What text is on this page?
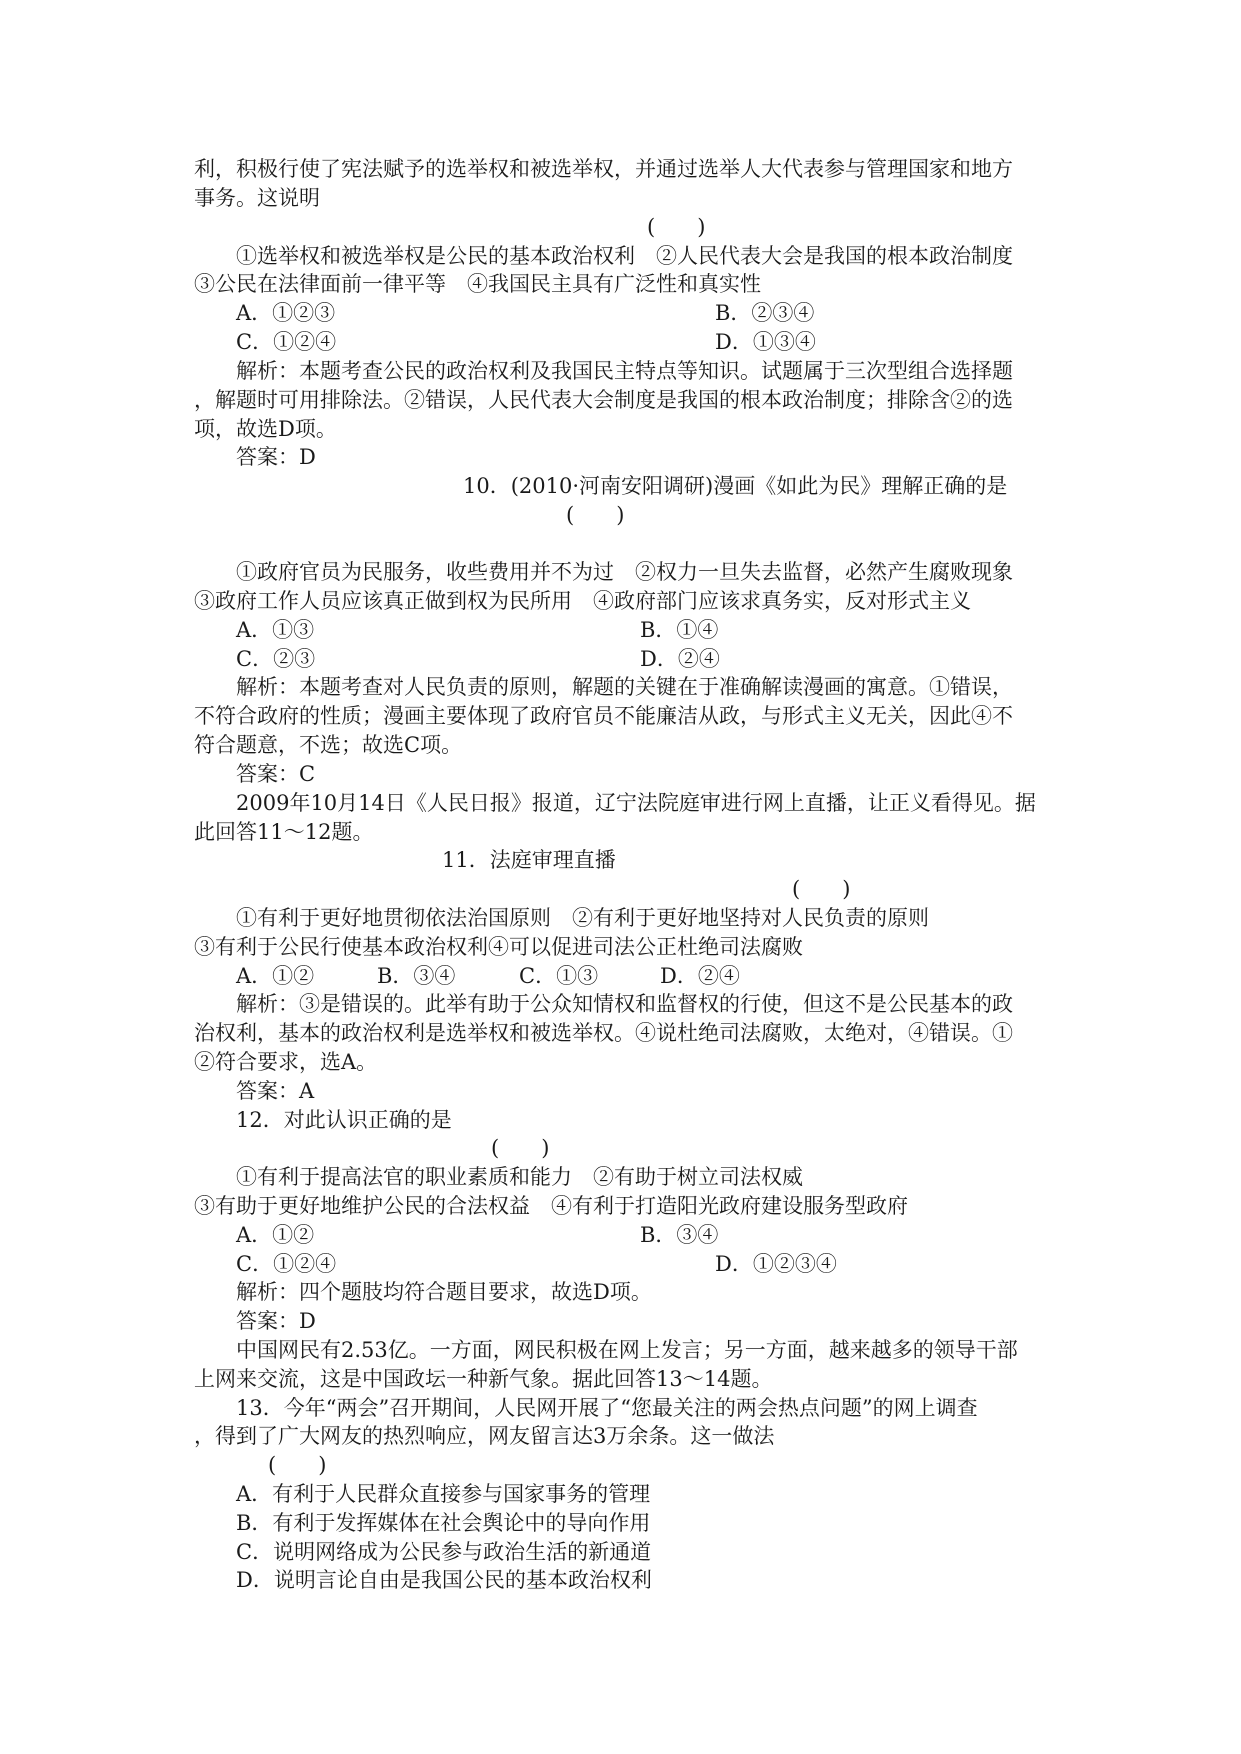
利，积极行使了宪法赋予的选举权和被选举权，并通过选举人大代表参与管理国家和地方
事务。这说明
(　　)
①选举权和被选举权是公民的基本政治权利　②人民代表大会是我国的根本政治制度
③公民在法律面前一律平等　④我国民主具有广泛性和真实性
A．①②③	B．②③④
C．①②④	D．①③④
解析：本题考查公民的政治权利及我国民主特点等知识。试题属于三次型组合选择题
，解题时可用排除法。②错误，人民代表大会制度是我国的根本政治制度；排除含②的选
项，故选D项。
答案：D
10．(2010·河南安阳调研)漫画《如此为民》理解正确的是
(　　)
①政府官员为民服务，收些费用并不为过　②权力一旦失去监督，必然产生腐败现象
③政府工作人员应该真正做到权为民所用　④政府部门应该求真务实，反对形式主义
A．①③	B．①④
C．②③	D．②④
解析：本题考查对人民负责的原则，解题的关键在于准确解读漫画的寓意。①错误，
不符合政府的性质；漫画主要体现了政府官员不能廉洁从政，与形式主义无关，因此④不
符合题意，不选；故选C项。
答案：C
2009年10月14日《人民日报》报道，辽宁法院庭审进行网上直播，让正义看得见。据
此回答11～12题。
11．法庭审理直播
(　　)
①有利于更好地贯彻依法治国原则　②有利于更好地坚持对人民负责的原则
③有利于公民行使基本政治权利④可以促进司法公正杜绝司法腐败
A．①②	B．③④	C．①③	D．②④
解析：③是错误的。此举有助于公众知情权和监督权的行使，但这不是公民基本的政
治权利，基本的政治权利是选举权和被选举权。④说杜绝司法腐败，太绝对，④错误。①
②符合要求，选A。
答案：A
12．对此认识正确的是
(　　)
①有利于提高法官的职业素质和能力　②有助于树立司法权威
③有助于更好地维护公民的合法权益　④有利于打造阳光政府建设服务型政府
A．①②	B．③④
C．①②④	D．①②③④
解析：四个题肢均符合题目要求，故选D项。
答案：D
中国网民有2.53亿。一方面，网民积极在网上发言；另一方面，越来越多的领导干部
上网来交流，这是中国政坛一种新气象。据此回答13～14题。
13．今年“两会”召开期间，人民网开展了“您最关注的两会热点问题”的网上调查
，得到了广大网友的热烈响应，网友留言达3万余条。这一做法
(　　)
A．有利于人民群众直接参与国家事务的管理
B．有利于发挥媒体在社会舆论中的导向作用
C．说明网络成为公民参与政治生活的新通道
D．说明言论自由是我国公民的基本政治权利
